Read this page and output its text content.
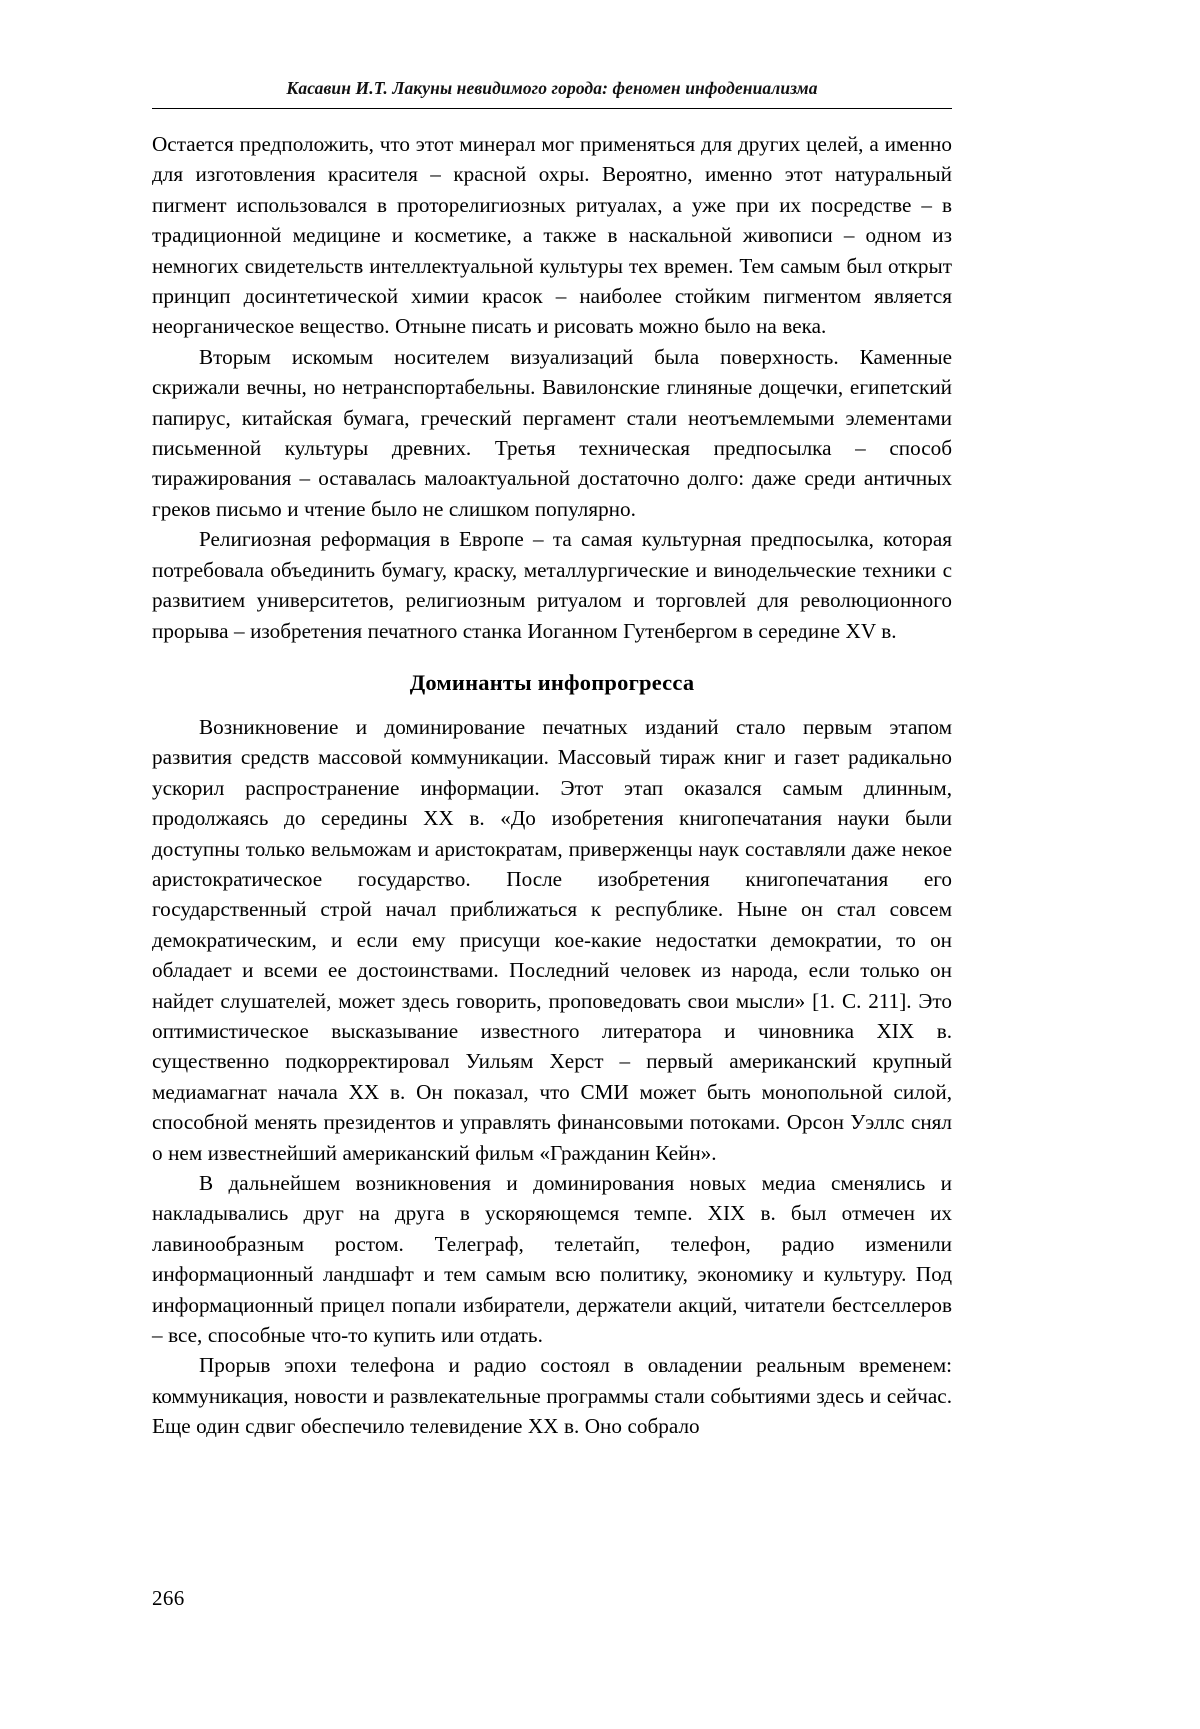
Касавин И.Т. Лакуны невидимого города: феномен инфодениализма

Остается предположить, что этот минерал мог применяться для других целей, а именно для изготовления красителя – красной охры. Вероятно, именно этот натуральный пигмент использовался в проторелигиозных ритуалах, а уже при их посредстве – в традиционной медицине и косметике, а также в наскальной живописи – одном из немногих свидетельств интеллектуальной культуры тех времен. Тем самым был открыт принцип досинтетической химии красок – наиболее стойким пигментом является неорганическое вещество. Отныне писать и рисовать можно было на века.

Вторым искомым носителем визуализаций была поверхность. Каменные скрижали вечны, но нетранспортабельны. Вавилонские глиняные дощечки, египетский папирус, китайская бумага, греческий пергамент стали неотъемлемыми элементами письменной культуры древних. Третья техническая предпосылка – способ тиражирования – оставалась малоактуальной достаточно долго: даже среди античных греков письмо и чтение было не слишком популярно.

Религиозная реформация в Европе – та самая культурная предпосылка, которая потребовала объединить бумагу, краску, металлургические и винодельческие техники с развитием университетов, религиозным ритуалом и торговлей для революционного прорыва – изобретения печатного станка Иоганном Гутенбергом в середине XV в.

Доминанты инфопрогресса

Возникновение и доминирование печатных изданий стало первым этапом развития средств массовой коммуникации. Массовый тираж книг и газет радикально ускорил распространение информации. Этот этап оказался самым длинным, продолжаясь до середины XX в. «До изобретения книгопечатания науки были доступны только вельможам и аристократам, приверженцы наук составляли даже некое аристократическое государство. После изобретения книгопечатания его государственный строй начал приближаться к республике. Ныне он стал совсем демократическим, и если ему присущи кое-какие недостатки демократии, то он обладает и всеми ее достоинствами. Последний человек из народа, если только он найдет слушателей, может здесь говорить, проповедовать свои мысли» [1. С. 211]. Это оптимистическое высказывание известного литератора и чиновника XIX в. существенно подкорректировал Уильям Херст – первый американский крупный медиамагнат начала XX в. Он показал, что СМИ может быть монопольной силой, способной менять президентов и управлять финансовыми потоками. Орсон Уэллс снял о нем известнейший американский фильм «Гражданин Кейн».

В дальнейшем возникновения и доминирования новых медиа сменялись и накладывались друг на друга в ускоряющемся темпе. XIX в. был отмечен их лавинообразным ростом. Телеграф, телетайп, телефон, радио изменили информационный ландшафт и тем самым всю политику, экономику и культуру. Под информационный прицел попали избиратели, держатели акций, читатели бестселлеров – все, способные что-то купить или отдать.

Прорыв эпохи телефона и радио состоял в овладении реальным временем: коммуникация, новости и развлекательные программы стали событиями здесь и сейчас. Еще один сдвиг обеспечило телевидение XX в. Оно собрало

266
